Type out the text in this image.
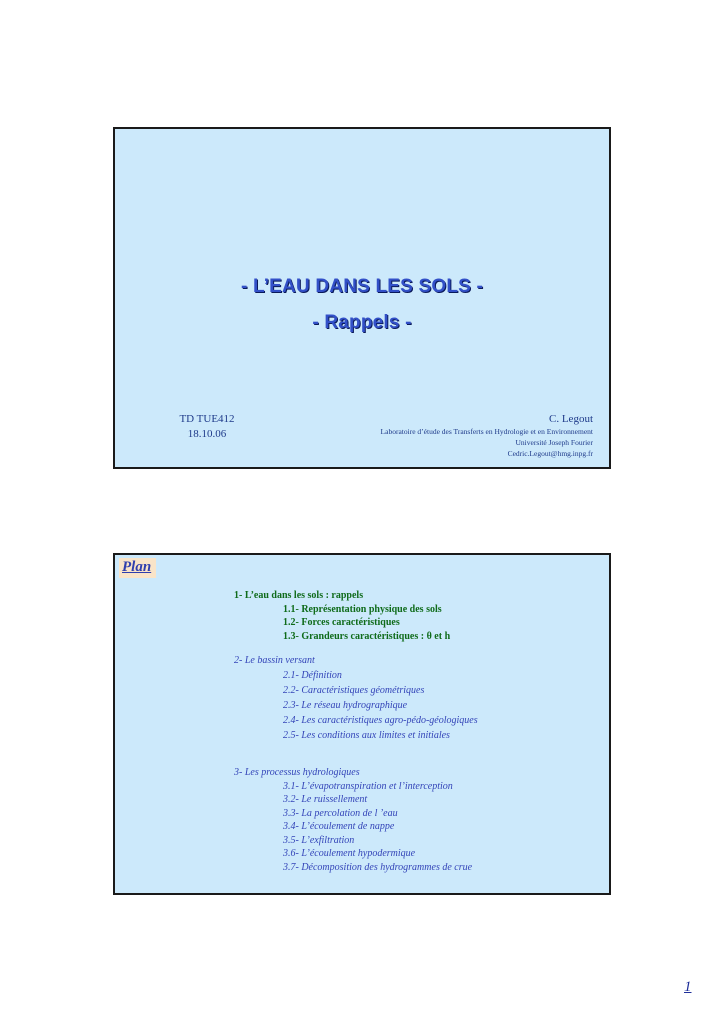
- L’EAU DANS LES SOLS -
- Rappels -
TD TUE412
18.10.06
C. Legout
Laboratoire d’étude des Transferts en Hydrologie et en Environnement
Université Joseph Fourier
Cedric.Legout@hmg.inpg.fr
Plan
1- L’eau dans les sols : rappels
1.1- Représentation physique des sols
1.2- Forces caractéristiques
1.3- Grandeurs caractéristiques : θ et h
2- Le bassin versant
2.1- Définition
2.2- Caractéristiques géométriques
2.3- Le réseau hydrographique
2.4- Les caractéristiques agro-pédo-géologiques
2.5- Les conditions aux limites et initiales
3- Les processus hydrologiques
3.1- L’évapotranspiration et l’interception
3.2- Le ruissellement
3.3- La percolation de l ’eau
3.4- L’écoulement de nappe
3.5- L’exfiltration
3.6- L’écoulement hypodermique
3.7- Décomposition des hydrogrammes de crue
1
